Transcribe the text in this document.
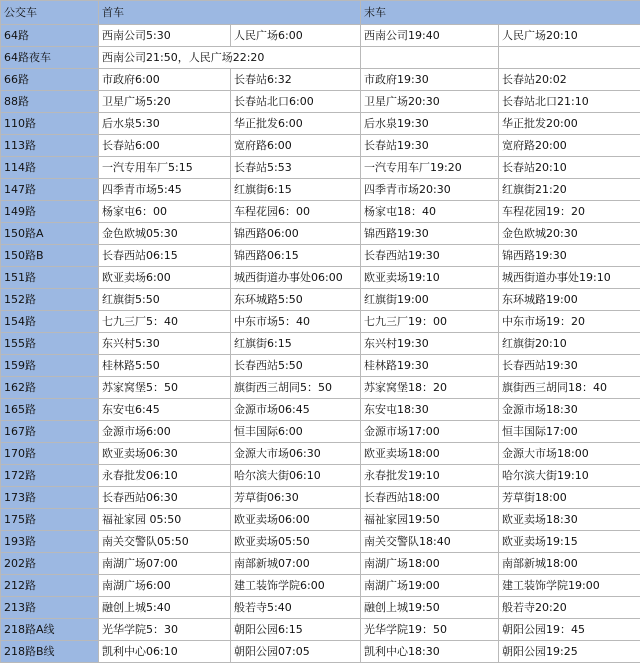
公交车	首车		末车	
64路	西南公司5:30	人民广场6:00	西南公司19:40	人民广场20:10
64路夜车	西南公司21:50，人民广场22:20			
66路	市政府6:00	长春站6:32	市政府19:30	长春站20:02
88路	卫星广场5:20	长春站北口6:00	卫星广场20:30	长春站北口21:10
110路	后水泉5:30	华正批发6:00	后水泉19:30	华正批发20:00
113路	长春站6:00	宽府路6:00	长春站19:30	宽府路20:00
114路	一汽专用车厂5:15	长春站5:53	一汽专用车厂19:20	长春站20:10
147路	四季青市场5:45	红旗街6:15	四季青市场20:30	红旗街21:20
149路	杨家屯6：00	车程花园6：00	杨家屯18：40	车程花园19：20
150路A	金色欧城05:30	锦西路06:00	锦西路19:30	金色欧城20:30
150路B	长春西站06:15	锦西路06:15	长春西站19:30	锦西路19:30
151路	欧亚卖场6:00	城西街道办事处06:00	欧亚卖场19:10	城西街道办事处19:10
152路	红旗街5:50	东环城路5:50	红旗街19:00	东环城路19:00
154路	七九三厂5：40	中东市场5：40	七九三厂19：00	中东市场19：20
155路	东兴村5:30	红旗街6:15	东兴村19:30	红旗街20:10
159路	桂林路5:50	长春西站5:50	桂林路19:30	长春西站19:30
162路	苏家窝堡5：50	旗街西三胡同5：50	苏家窝堡18：20	旗街西三胡同18：40
165路	东安屯6:45	金源市场06:45	东安屯18:30	金源市场18:30
167路	金源市场6:00	恒丰国际6:00	金源市场17:00	恒丰国际17:00
170路	欧亚卖场06:30	金源大市场06:30	欧亚卖场18:00	金源大市场18:00
172路	永春批发06:10	哈尔滨大街06:10	永春批发19:10	哈尔滨大街19:10
173路	长春西站06:30	芳草街06:30	长春西站18:00	芳草街18:00
175路	福祉家园 05:50	欧亚卖场06:00	福祉家园19:50	欧亚卖场18:30
193路	南关交警队05:50	欧亚卖场05:50	南关交警队18:40	欧亚卖场19:15
202路	南湖广场07:00	南部新城07:00	南湖广场18:00	南部新城18:00
212路	南湖广场6:00	建工装饰学院6:00	南湖广场19:00	建工装饰学院19:00
213路	融创上城5:40	般若寺5:40	融创上城19:50	般若寺20:20
218路A线	光华学院5：30	朝阳公园6:15	光华学院19：50	朝阳公园19：45
218路B线	凯利中心06:10	朝阳公园07:05	凯利中心18:30	朝阳公园19:25
